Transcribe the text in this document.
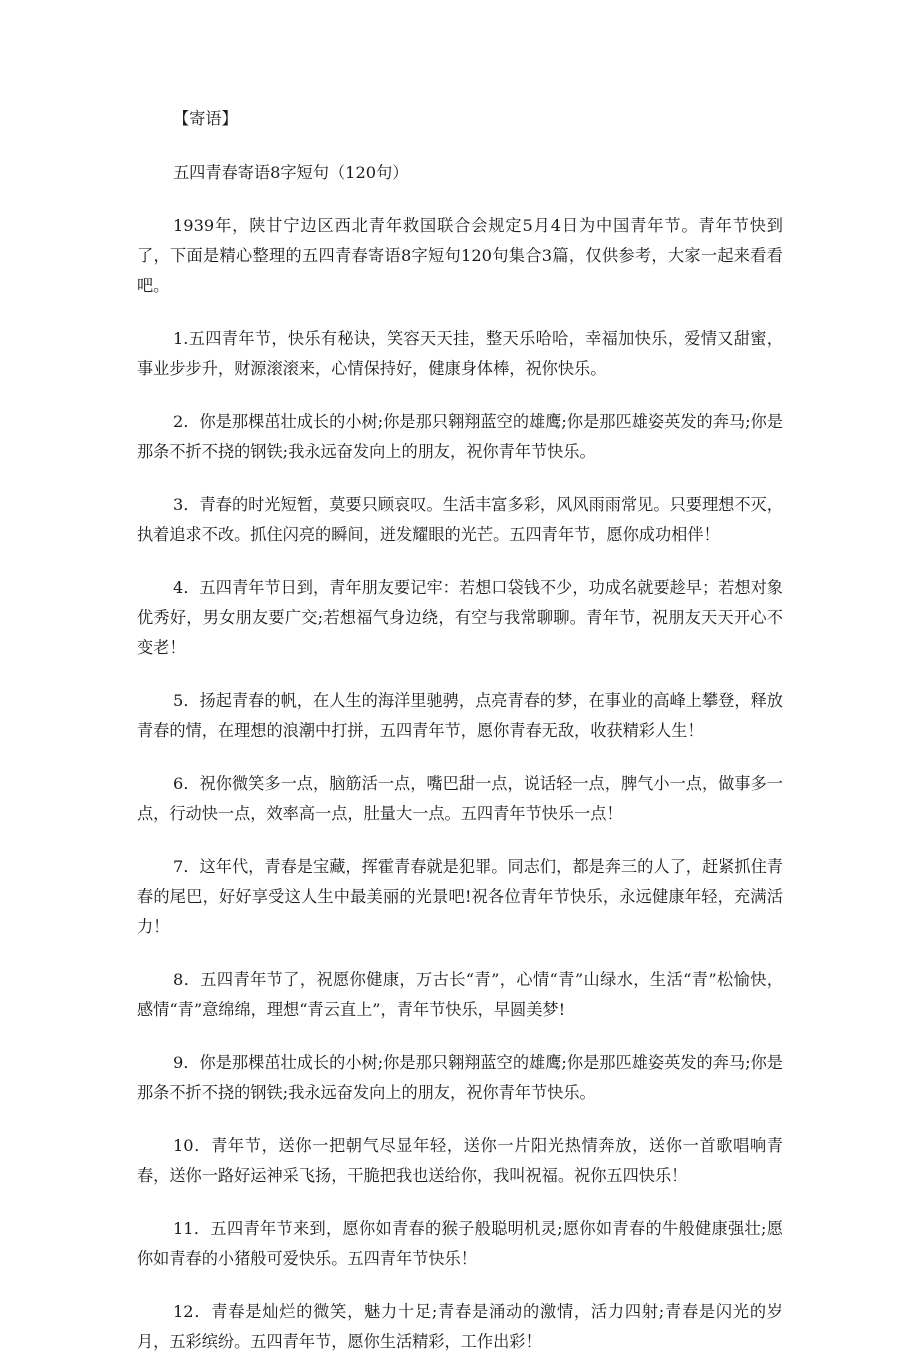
【寄语】

五四青春寄语8字短句（120句）

1939年，陕甘宁边区西北青年救国联合会规定5月4日为中国青年节。青年节快到了，下面是精心整理的五四青春寄语8字短句120句集合3篇，仅供参考，大家一起来看看吧。

1.五四青年节，快乐有秘诀，笑容天天挂，整天乐哈哈，幸福加快乐，爱情又甜蜜，事业步步升，财源滚滚来，心情保持好，健康身体棒，祝你快乐。

2．你是那棵茁壮成长的小树;你是那只翱翔蓝空的雄鹰;你是那匹雄姿英发的奔马;你是那条不折不挠的钢铁;我永远奋发向上的朋友，祝你青年节快乐。

3．青春的时光短暂，莫要只顾哀叹。生活丰富多彩，风风雨雨常见。只要理想不灭，执着追求不改。抓住闪亮的瞬间，迸发耀眼的光芒。五四青年节，愿你成功相伴！

4．五四青年节日到，青年朋友要记牢：若想口袋钱不少，功成名就要趁早；若想对象优秀好，男女朋友要广交;若想福气身边绕，有空与我常聊聊。青年节，祝朋友天天开心不变老！

5．扬起青春的帆，在人生的海洋里驰骋，点亮青春的梦，在事业的高峰上攀登，释放青春的情，在理想的浪潮中打拼，五四青年节，愿你青春无敌，收获精彩人生！

6．祝你微笑多一点，脑筋活一点，嘴巴甜一点，说话轻一点，脾气小一点，做事多一点，行动快一点，效率高一点，肚量大一点。五四青年节快乐一点！

7．这年代，青春是宝藏，挥霍青春就是犯罪。同志们，都是奔三的人了，赶紧抓住青春的尾巴，好好享受这人生中最美丽的光景吧!祝各位青年节快乐，永远健康年轻，充满活力！

8．五四青年节了，祝愿你健康，万古长“青”，心情“青”山绿水，生活“青”松愉快，感情“青”意绵绵，理想“青云直上”，青年节快乐，早圆美梦!

9．你是那棵茁壮成长的小树;你是那只翱翔蓝空的雄鹰;你是那匹雄姿英发的奔马;你是那条不折不挠的钢铁;我永远奋发向上的朋友，祝你青年节快乐。

10．青年节，送你一把朝气尽显年轻，送你一片阳光热情奔放，送你一首歌唱响青春，送你一路好运神采飞扬，干脆把我也送给你，我叫祝福。祝你五四快乐！

11．五四青年节来到，愿你如青春的猴子般聪明机灵;愿你如青春的牛般健康强壮;愿你如青春的小猪般可爱快乐。五四青年节快乐！

12．青春是灿烂的微笑，魅力十足;青春是涌动的激情，活力四射;青春是闪光的岁月，五彩缤纷。五四青年节，愿你生活精彩，工作出彩！
